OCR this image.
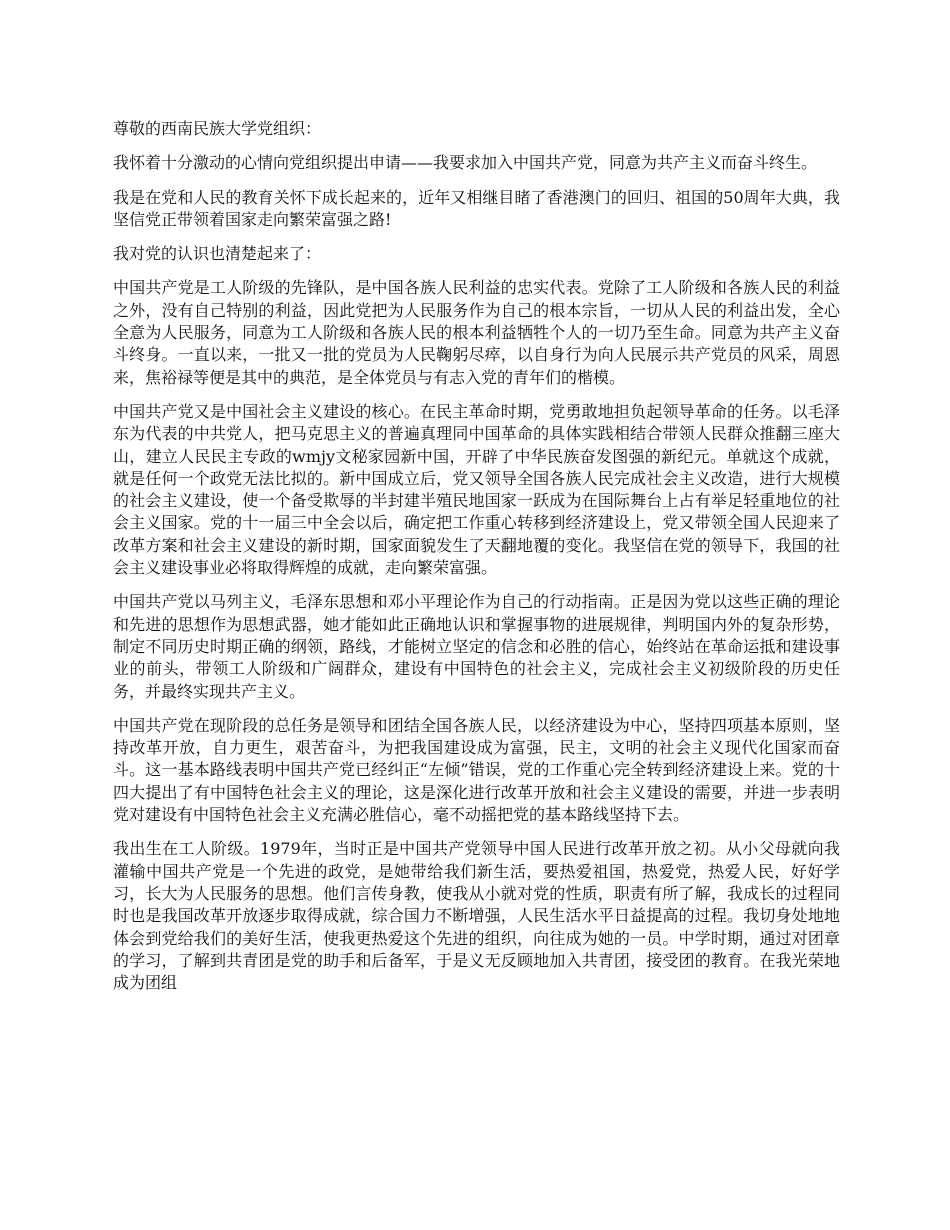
尊敬的西南民族大学党组织：

我怀着十分激动的心情向党组织提出申请——我要求加入中国共产党，同意为共产主义而奋斗终生。

我是在党和人民的教育关怀下成长起来的，近年又相继目睹了香港澳门的回归、祖国的50周年大典，我坚信党正带领着国家走向繁荣富强之路!

我对党的认识也清楚起来了：

中国共产党是工人阶级的先锋队，是中国各族人民利益的忠实代表。党除了工人阶级和各族人民的利益之外，没有自己特别的利益，因此党把为人民服务作为自己的根本宗旨，一切从人民的利益出发，全心全意为人民服务，同意为工人阶级和各族人民的根本利益牺牲个人的一切乃至生命。同意为共产主义奋斗终身。一直以来，一批又一批的党员为人民鞠躬尽瘁，以自身行为向人民展示共产党员的风采，周恩来，焦裕禄等便是其中的典范，是全体党员与有志入党的青年们的楷模。

中国共产党又是中国社会主义建设的核心。在民主革命时期，党勇敢地担负起领导革命的任务。以毛泽东为代表的中共党人，把马克思主义的普遍真理同中国革命的具体实践相结合带领人民群众推翻三座大山，建立人民民主专政的wmjy文秘家园新中国，开辟了中华民族奋发图强的新纪元。单就这个成就，就是任何一个政党无法比拟的。新中国成立后，党又领导全国各族人民完成社会主义改造，进行大规模的社会主义建设，使一个备受欺辱的半封建半殖民地国家一跃成为在国际舞台上占有举足轻重地位的社会主义国家。党的十一届三中全会以后，确定把工作重心转移到经济建设上，党又带领全国人民迎来了改革方案和社会主义建设的新时期，国家面貌发生了天翻地覆的变化。我坚信在党的领导下，我国的社会主义建设事业必将取得辉煌的成就，走向繁荣富强。

中国共产党以马列主义，毛泽东思想和邓小平理论作为自己的行动指南。正是因为党以这些正确的理论和先进的思想作为思想武器，她才能如此正确地认识和掌握事物的进展规律，判明国内外的复杂形势，制定不同历史时期正确的纲领，路线，才能树立坚定的信念和必胜的信心，始终站在革命运抵和建设事业的前头，带领工人阶级和广阔群众，建设有中国特色的社会主义，完成社会主义初级阶段的历史任务，并最终实现共产主义。

中国共产党在现阶段的总任务是领导和团结全国各族人民，以经济建设为中心，坚持四项基本原则，坚持改革开放，自力更生，艰苦奋斗，为把我国建设成为富强，民主，文明的社会主义现代化国家而奋斗。这一基本路线表明中国共产党已经纠正“左倾”错误，党的工作重心完全转到经济建设上来。党的十四大提出了有中国特色社会主义的理论，这是深化进行改革开放和社会主义建设的需要，并进一步表明党对建设有中国特色社会主义充满必胜信心，毫不动摇把党的基本路线坚持下去。

我出生在工人阶级。1979年，当时正是中国共产党领导中国人民进行改革开放之初。从小父母就向我灌输中国共产党是一个先进的政党，是她带给我们新生活，要热爱祖国，热爱党，热爱人民，好好学习，长大为人民服务的思想。他们言传身教，使我从小就对党的性质，职责有所了解，我成长的过程同时也是我国改革开放逐步取得成就，综合国力不断增强，人民生活水平日益提高的过程。我切身处地地体会到党给我们的美好生活，使我更热爱这个先进的组织，向往成为她的一员。中学时期，通过对团章的学习，了解到共青团是党的助手和后备军，于是义无反顾地加入共青团，接受团的教育。在我光荣地成为团组
